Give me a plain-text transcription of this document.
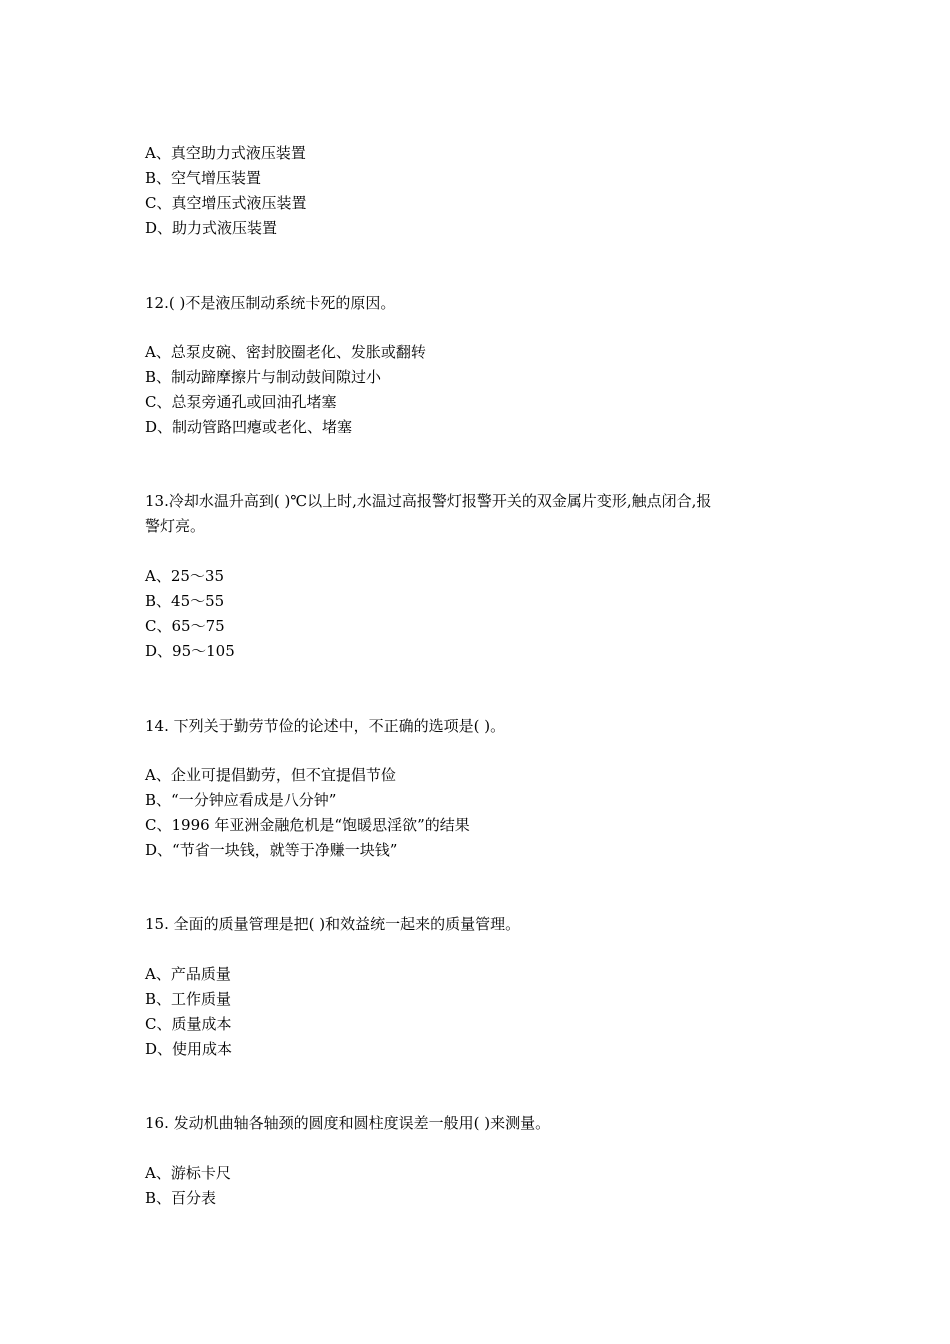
A、真空助力式液压装置
B、空气增压装置
C、真空增压式液压装置
D、助力式液压装置
12.( )不是液压制动系统卡死的原因。
A、总泵皮碗、密封胶圈老化、发胀或翻转
B、制动蹄摩擦片与制动鼓间隙过小
C、总泵旁通孔或回油孔堵塞
D、制动管路凹瘪或老化、堵塞
13.冷却水温升高到( )℃以上时,水温过高报警灯报警开关的双金属片变形,触点闭合,报
警灯亮。
A、25～35
B、45～55
C、65～75
D、95～105
14. 下列关于勤劳节俭的论述中，不正确的选项是( )。
A、企业可提倡勤劳，但不宜提倡节俭
B、“一分钟应看成是八分钟”
C、1996 年亚洲金融危机是“饱暖思淫欲”的结果
D、“节省一块钱，就等于净赚一块钱”
15. 全面的质量管理是把( )和效益统一起来的质量管理。
A、产品质量
B、工作质量
C、质量成本
D、使用成本
16. 发动机曲轴各轴颈的圆度和圆柱度误差一般用( )来测量。
A、游标卡尺
B、百分表
